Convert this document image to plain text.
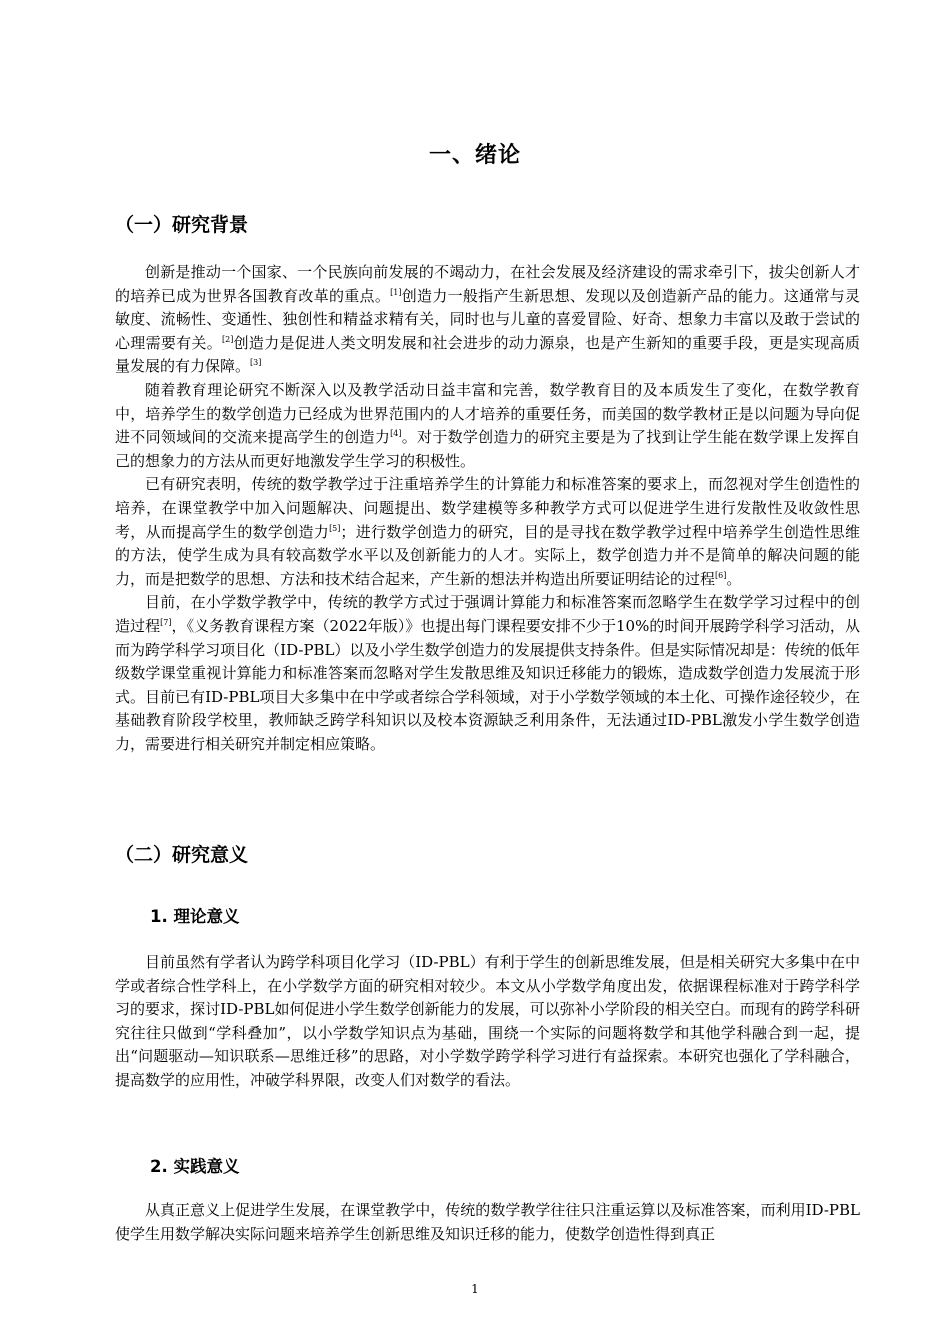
一、绪论
（一）研究背景

创新是推动一个国家、一个民族向前发展的不竭动力，在社会发展及经济建设的需求牵引下，拔尖创新人才的培养已成为世界各国教育改革的重点。[1]创造力一般指产生新思想、发现以及创造新产品的能力。这通常与灵敏度、流畅性、变通性、独创性和精益求精有关，同时也与儿童的喜爱冒险、好奇、想象力丰富以及敢于尝试的心理需要有关。[2]创造力是促进人类文明发展和社会进步的动力源泉，也是产生新知的重要手段，更是实现高质量发展的有力保障。[3]

随着教育理论研究不断深入以及教学活动日益丰富和完善，数学教育目的及本质发生了变化，在数学教育中，培养学生的数学创造力已经成为世界范围内的人才培养的重要任务，而美国的数学教材正是以问题为导向促进不同领域间的交流来提高学生的创造力[4]。对于数学创造力的研究主要是为了找到让学生能在数学课上发挥自己的想象力的方法从而更好地激发学生学习的积极性。

已有研究表明，传统的数学教学过于注重培养学生的计算能力和标准答案的要求上，而忽视对学生创造性的培养，在课堂教学中加入问题解决、问题提出、数学建模等多种教学方式可以促进学生进行发散性及收敛性思考，从而提高学生的数学创造力[5]；进行数学创造力的研究，目的是寻找在数学教学过程中培养学生创造性思维的方法，使学生成为具有较高数学水平以及创新能力的人才。实际上，数学创造力并不是简单的解决问题的能力，而是把数学的思想、方法和技术结合起来，产生新的想法并构造出所要证明结论的过程[6]。

目前，在小学数学教学中，传统的教学方式过于强调计算能力和标准答案而忽略学生在数学学习过程中的创造过程[7]，《义务教育课程方案（2022年版）》也提出每门课程要安排不少于10%的时间开展跨学科学习活动，从而为跨学科学习项目化（ID-PBL）以及小学生数学创造力的发展提供支持条件。但是实际情况却是：传统的低年级数学课堂重视计算能力和标准答案而忽略对学生发散思维及知识迁移能力的锻炼，造成数学创造力发展流于形式。目前已有ID-PBL项目大多集中在中学或者综合学科领域，对于小学数学领域的本土化、可操作途径较少，在基础教育阶段学校里，教师缺乏跨学科知识以及校本资源缺乏利用条件，无法通过ID-PBL激发小学生数学创造力，需要进行相关研究并制定相应策略。

（二）研究意义
1. 理论意义

目前虽然有学者认为跨学科项目化学习（ID-PBL）有利于学生的创新思维发展，但是相关研究大多集中在中学或者综合性学科上，在小学数学方面的研究相对较少。本文从小学数学角度出发，依据课程标准对于跨学科学习的要求，探讨ID-PBL如何促进小学生数学创新能力的发展，可以弥补小学阶段的相关空白。而现有的跨学科研究往往只做到“学科叠加”，以小学数学知识点为基础，围绕一个实际的问题将数学和其他学科融合到一起，提出“问题驱动—知识联系—思维迁移”的思路，对小学数学跨学科学习进行有益探索。本研究也强化了学科融合，提高数学的应用性，冲破学科界限，改变人们对数学的看法。

2. 实践意义

从真正意义上促进学生发展，在课堂教学中，传统的数学教学往往只注重运算以及标准答案，而利用ID-PBL使学生用数学解决实际问题来培养学生创新思维及知识迁移的能力，使数学创造性得到真正

1
